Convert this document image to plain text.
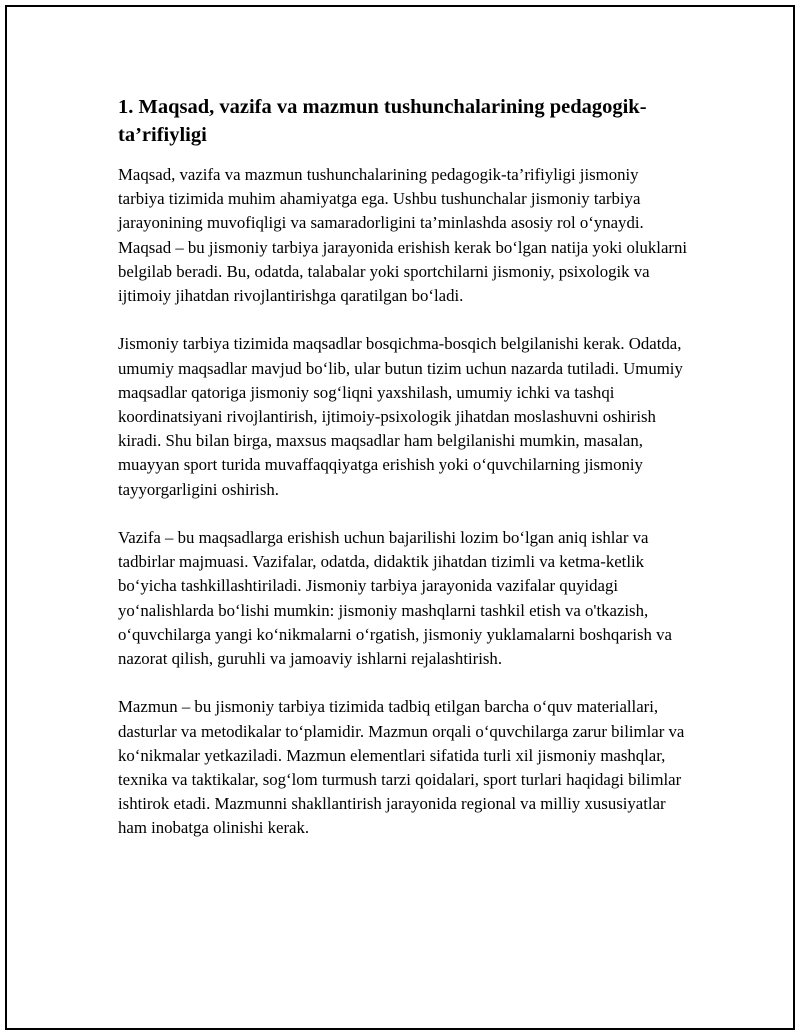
1. Maqsad, vazifa va mazmun tushunchalarining pedagogik-ta’rifiyligi

Maqsad, vazifa va mazmun tushunchalarining pedagogik-ta’rifiyligi jismoniy tarbiya tizimida muhim ahamiyatga ega. Ushbu tushunchalar jismoniy tarbiya jarayonining muvofiqligi va samaradorligini ta’minlashda asosiy rol o‘ynaydi. Maqsad – bu jismoniy tarbiya jarayonida erishish kerak bo‘lgan natija yoki oluklarni belgilab beradi. Bu, odatda, talabalar yoki sportchilarni jismoniy, psixologik va ijtimoiy jihatdan rivojlantirishga qaratilgan bo‘ladi.

Jismoniy tarbiya tizimida maqsadlar bosqichma-bosqich belgilanishi kerak. Odatda, umumiy maqsadlar mavjud bo‘lib, ular butun tizim uchun nazarda tutiladi. Umumiy maqsadlar qatoriga jismoniy sog‘liqni yaxshilash, umumiy ichki va tashqi koordinatsiyani rivojlantirish, ijtimoiy-psixologik jihatdan moslashuvni oshirish kiradi. Shu bilan birga, maxsus maqsadlar ham belgilanishi mumkin, masalan, muayyan sport turida muvaffaqqiyatga erishish yoki o‘quvchilarning jismoniy tayyorgarligini oshirish.

Vazifa – bu maqsadlarga erishish uchun bajarilishi lozim bo‘lgan aniq ishlar va tadbirlar majmuasi. Vazifalar, odatda, didaktik jihatdan tizimli va ketma-ketlik bo‘yicha tashkillashtiriladi. Jismoniy tarbiya jarayonida vazifalar quyidagi yo‘nalishlarda bo‘lishi mumkin: jismoniy mashqlarni tashkil etish va o'tkazish, o‘quvchilarga yangi ko‘nikmalarni o‘rgatish, jismoniy yuklamalarni boshqarish va nazorat qilish, guruhli va jamoaviy ishlarni rejalashtirish.

Mazmun – bu jismoniy tarbiya tizimida tadbiq etilgan barcha o‘quv materiallari, dasturlar va metodikalar to‘plamidir. Mazmun orqali o‘quvchilarga zarur bilimlar va ko‘nikmalar yetkaziladi. Mazmun elementlari sifatida turli xil jismoniy mashqlar, texnika va taktikalar, sog‘lom turmush tarzi qoidalari, sport turlari haqidagi bilimlar ishtirok etadi. Mazmunni shakllantirish jarayonida regional va milliy xususiyatlar ham inobatga olinishi kerak.
